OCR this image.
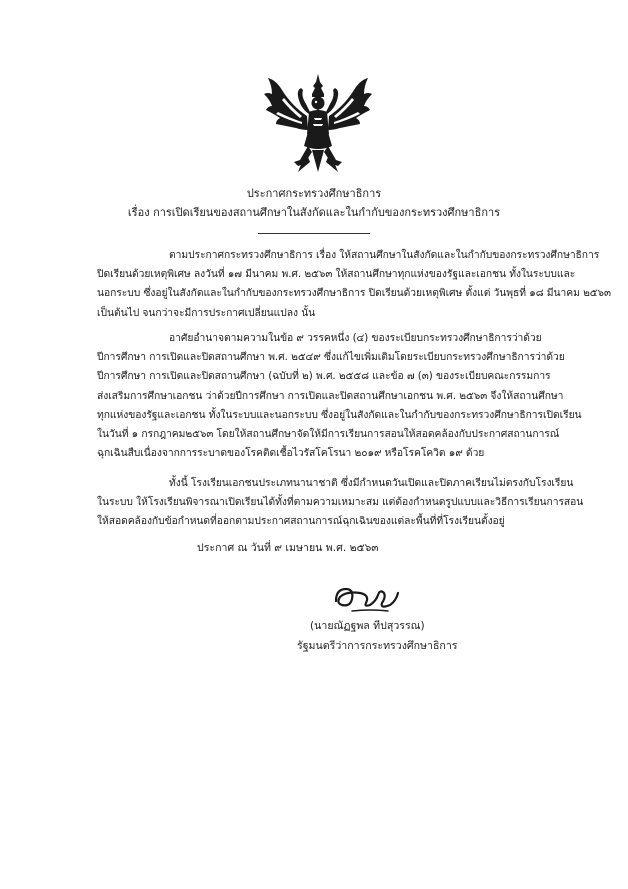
ประกาศกระทรวงศึกษาธิการ
เรื่อง การเปิดเรียนของสถานศึกษาในสังกัดและในกำกับของกระทรวงศึกษาธิการ
ตามประกาศกระทรวงศึกษาธิการ เรื่อง ให้สถานศึกษาในสังกัดและในกำกับของกระทรวงศึกษาธิการ
ปิดเรียนด้วยเหตุพิเศษ ลงวันที่ ๑๗ มีนาคม พ.ศ. ๒๕๖๓ ให้สถานศึกษาทุกแห่งของรัฐและเอกชน ทั้งในระบบและ
นอกระบบ ซึ่งอยู่ในสังกัดและในกำกับของกระทรวงศึกษาธิการ ปิดเรียนด้วยเหตุพิเศษ ตั้งแต่ วันพุธที่ ๑๘ มีนาคม ๒๕๖๓
เป็นต้นไป จนกว่าจะมีการประกาศเปลี่ยนแปลง นั้น
อาศัยอำนาจตามความในข้อ ๙ วรรคหนึ่ง (๔) ของระเบียบกระทรวงศึกษาธิการว่าด้วย
ปีการศึกษา การเปิดและปิดสถานศึกษา พ.ศ. ๒๕๔๙ ซึ่งแก้ไขเพิ่มเติมโดยระเบียบกระทรวงศึกษาธิการว่าด้วย
ปีการศึกษา การเปิดและปิดสถานศึกษา (ฉบับที่ ๒) พ.ศ. ๒๕๕๘ และข้อ ๗ (๓) ของระเบียบคณะกรรมการ
ส่งเสริมการศึกษาเอกชน ว่าด้วยปีการศึกษา การเปิดและปิดสถานศึกษาเอกชน พ.ศ. ๒๕๖๓ จึงให้สถานศึกษา
ทุกแห่งของรัฐและเอกชน ทั้งในระบบและนอกระบบ ซึ่งอยู่ในสังกัดและในกำกับของกระทรวงศึกษาธิการเปิดเรียน
ในวันที่ ๑ กรกฎาคม๒๕๖๓ โดยให้สถานศึกษาจัดให้มีการเรียนการสอนให้สอดคล้องกับประกาศสถานการณ์
ฉุกเฉินสืบเนื่องจากการระบาดของโรคติดเชื้อไวรัสโคโรนา ๒๐๑๙ หรือโรคโควิด ๑๙ ด้วย
ทั้งนี้ โรงเรียนเอกชนประเภทนานาชาติ ซึ่งมีกำหนดวันเปิดและปิดภาคเรียนไม่ตรงกับโรงเรียน
ในระบบ ให้โรงเรียนพิจารณาเปิดเรียนได้ทั้งที่ตามความเหมาะสม แต่ต้องกำหนดรูปแบบและวิธีการเรียนการสอน
ให้สอดคล้องกับข้อกำหนดที่ออกตามประกาศสถานการณ์ฉุกเฉินของแต่ละพื้นที่ที่โรงเรียนตั้งอยู่
ประกาศ ณ วันที่ ๙ เมษายน พ.ศ. ๒๕๖๓
(นายณัฏฐพล ทีปสุวรรณ)
รัฐมนตรีว่าการกระทรวงศึกษาธิการ
